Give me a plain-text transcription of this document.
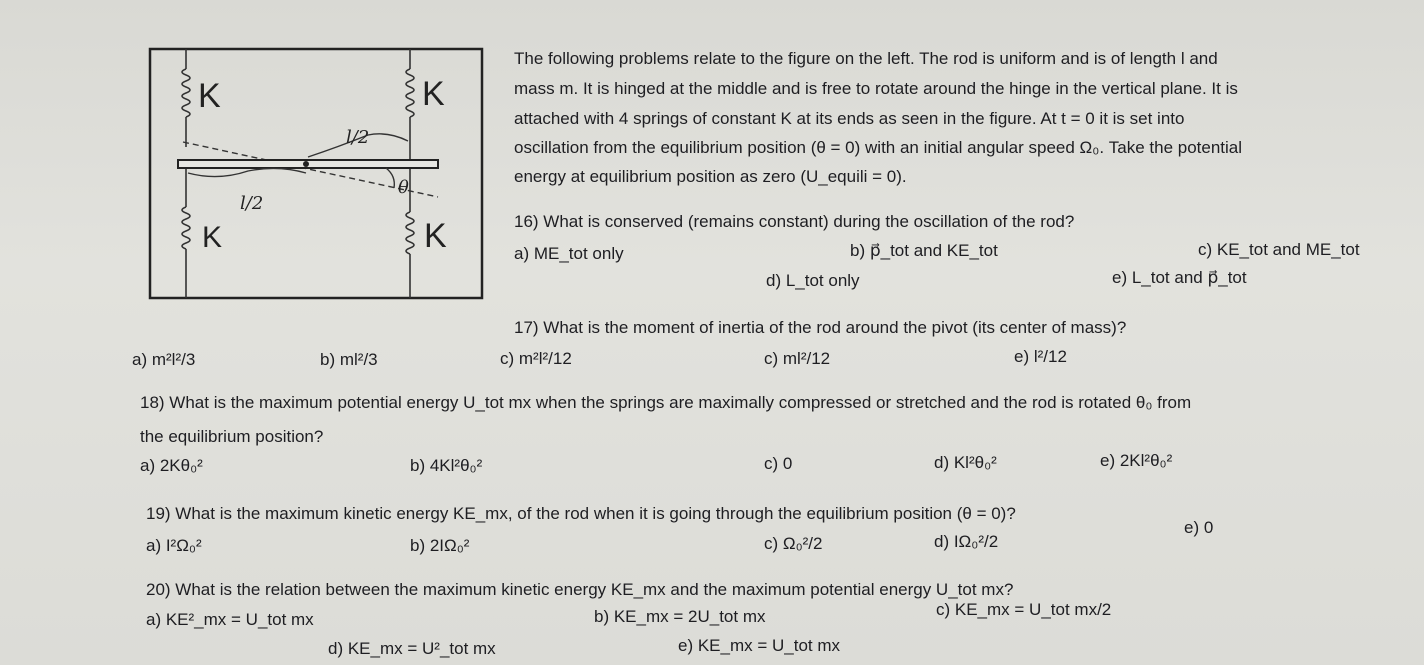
K	K
K	K
l/2
l/2
θ
The following problems relate to the figure on the left. The rod is uniform and is of length l and
mass m. It is hinged at the middle and is free to rotate around the hinge in the vertical plane. It is
attached with 4 springs of constant K at its ends as seen in the figure. At t = 0 it is set into
oscillation from the equilibrium position (θ = 0) with an initial angular speed Ω₀. Take the potential
energy at equilibrium position as zero (U_equili = 0).
16) What is conserved (remains constant) during the oscillation of the rod?
a) ME_tot only	b) p⃗_tot and KE_tot	c) KE_tot and ME_tot
d) L_tot only	e) L_tot and p⃗_tot
17) What is the moment of inertia of the rod around the pivot (its center of mass)?
a) m²l²/3	b) ml²/3	c) m²l²/12	c) ml²/12	e) l²/12
18) What is the maximum potential energy U_tot mx when the springs are maximally compressed or stretched and the rod is rotated θ₀ from
the equilibrium position?
a) 2Kθ₀²	b) 4Kl²θ₀²	c) 0	d) Kl²θ₀²	e) 2Kl²θ₀²
19) What is the maximum kinetic energy KE_mx, of the rod when it is going through the equilibrium position (θ = 0)?
a) I²Ω₀²	b) 2IΩ₀²	c) Ω₀²/2	d) IΩ₀²/2
e) 0
20) What is the relation between the maximum kinetic energy KE_mx and the maximum potential energy U_tot mx?
a) KE²_mx = U_tot mx	b) KE_mx = 2U_tot mx	c) KE_mx = U_tot mx/2
d) KE_mx = U²_tot mx	e) KE_mx = U_tot mx
